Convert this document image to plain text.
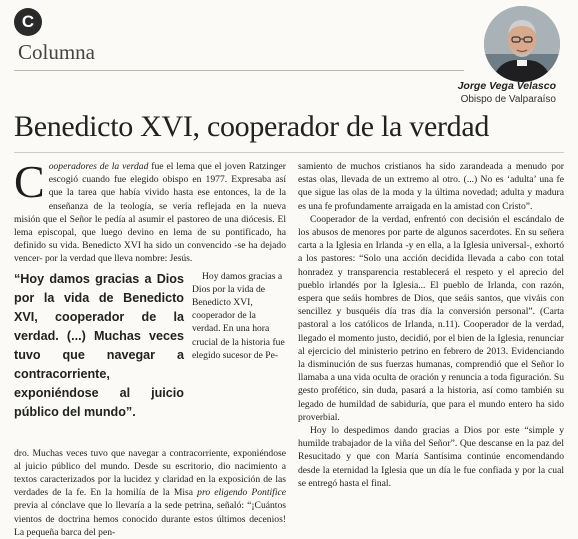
C
Columna
Jorge Vega Velasco
Obispo de Valparaíso
Benedicto XVI, cooperador de la verdad

Cooperadores de la verdad fue el lema que el joven Ratzinger escogió cuando fue elegido obispo en 1977. Expresaba así que la tarea que había vivido hasta ese entonces, la de la enseñanza de la teología, se vería reflejada en la nueva misión que el Señor le pedía al asumir el pastoreo de una diócesis. El lema episcopal, que luego devino en lema de su pontificado, ha definido su vida. Benedicto XVI ha sido un convencido -se ha dejado vencer- por la verdad que lleva nombre: Jesús.

“Hoy damos gracias a Dios por la vida de Benedicto XVI, cooperador de la verdad. (...) Muchas veces tuvo que navegar a contracorriente, exponiéndose al juicio público del mundo”.

Hoy damos gracias a Dios por la vida de Benedicto XVI, cooperador de la verdad. En una hora crucial de la historia fue elegido sucesor de Pe-

dro. Muchas veces tuvo que navegar a contracorriente, exponiéndose al juicio público del mundo. Desde su escritorio, dio nacimiento a textos caracterizados por la lucidez y claridad en la exposición de las verdades de la fe. En la homilía de la Misa pro eligendo Pontifice previa al cónclave que lo llevaría a la sede petrina, señaló: “¡Cuántos vientos de doctrina hemos conocido durante estos últimos decenios! La pequeña barca del pen-

samiento de muchos cristianos ha sido zarandeada a menudo por estas olas, llevada de un extremo al otro. (...) No es ‘adulta’ una fe que sigue las olas de la moda y la última novedad; adulta y madura es una fe profundamente arraigada en la amistad con Cristo”.

Cooperador de la verdad, enfrentó con decisión el escándalo de los abusos de menores por parte de algunos sacerdotes. En su señera carta a la Iglesia en Irlanda -y en ella, a la Iglesia universal-, exhortó a los pastores: “Solo una acción decidida llevada a cabo con total honradez y transparencia restablecerá el respeto y el aprecio del pueblo irlandés por la Iglesia... El pueblo de Irlanda, con razón, espera que seáis hombres de Dios, que seáis santos, que viváis con sencillez y busquéis día tras día la conversión personal”. (Carta pastoral a los católicos de Irlanda, n.11). Cooperador de la verdad, llegado el momento justo, decidió, por el bien de la Iglesia, renunciar al ejercicio del ministerio petrino en febrero de 2013. Evidenciando la disminución de sus fuerzas humanas, comprendió que el Señor lo llamaba a una vida oculta de oración y renuncia a toda figuración. Su gesto profético, sin duda, pasará a la historia, así como también su legado de humildad de sabiduría, que para el mundo entero ha sido proverbial.

Hoy lo despedimos dando gracias a Dios por este “simple y humilde trabajador de la viña del Señor”. Que descanse en la paz del Resucitado y que con María Santísima continúe encomendando desde la eternidad la Iglesia que un día le fue confiada y por la cual se entregó hasta el final.
